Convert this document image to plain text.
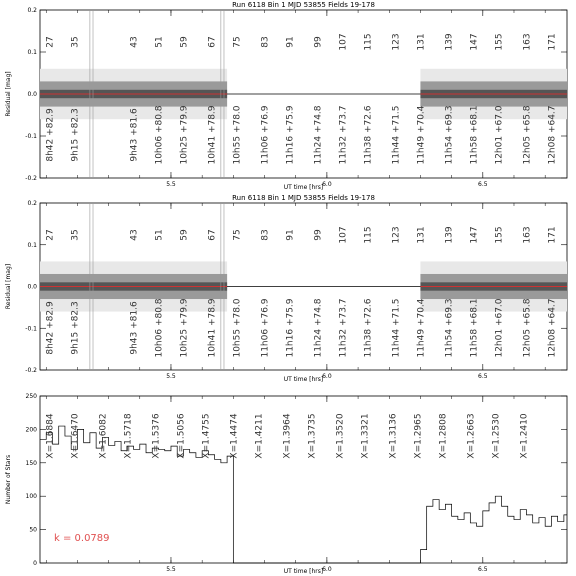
Run 6118 Bin 1 MJD 53855 Fields 19-178
UT time [hrs]
Residual [mag]
-0.2
-0.1
0.0
0.1
0.2
5.5	6.0	6.5
27
8h42 +82.9
35
9h15 +82.3
43
9h43 +81.6
51
10h06 +80.8
59
10h25 +79.9
67
10h41 +78.9
75
10h55 +78.0
83
11h06 +76.9
91
11h16 +75.9
99
11h24 +74.8
107
11h32 +73.7
115
11h38 +72.6
123
11h44 +71.5
131
11h49 +70.4
139
11h54 +69.3
147
11h58 +68.1
155
12h01 +67.0
163
12h05 +65.8
171
12h08 +64.7
Run 6118 Bin 1 MJD 53855 Fields 19-178
UT time [hrs]
Residual [mag]
-0.2
-0.1
0.0
0.1
0.2
5.5	6.0	6.5
27
8h42 +82.9
35
9h15 +82.3
43
9h43 +81.6
51
10h06 +80.8
59
10h25 +79.9
67
10h41 +78.9
75
10h55 +78.0
83
11h06 +76.9
91
11h16 +75.9
99
11h24 +74.8
107
11h32 +73.7
115
11h38 +72.6
123
11h44 +71.5
131
11h49 +70.4
139
11h54 +69.3
147
11h58 +68.1
155
12h01 +67.0
163
12h05 +65.8
171
12h08 +64.7
UT time [hrs]
Number of Stars
0
50
100
150
200
250
5.5	6.0	6.5
X=1.6884 X=1.6470 X=1.6082 X=1.5718 X=1.5376 X=1.5056 X=1.4755 X=1.4474 X=1.4211 X=1.3964 X=1.3735 X=1.3520 X=1.3321 X=1.3136 X=1.2965 X=1.2808 X=1.2663 X=1.2530 X=1.2410
k = 0.0789
